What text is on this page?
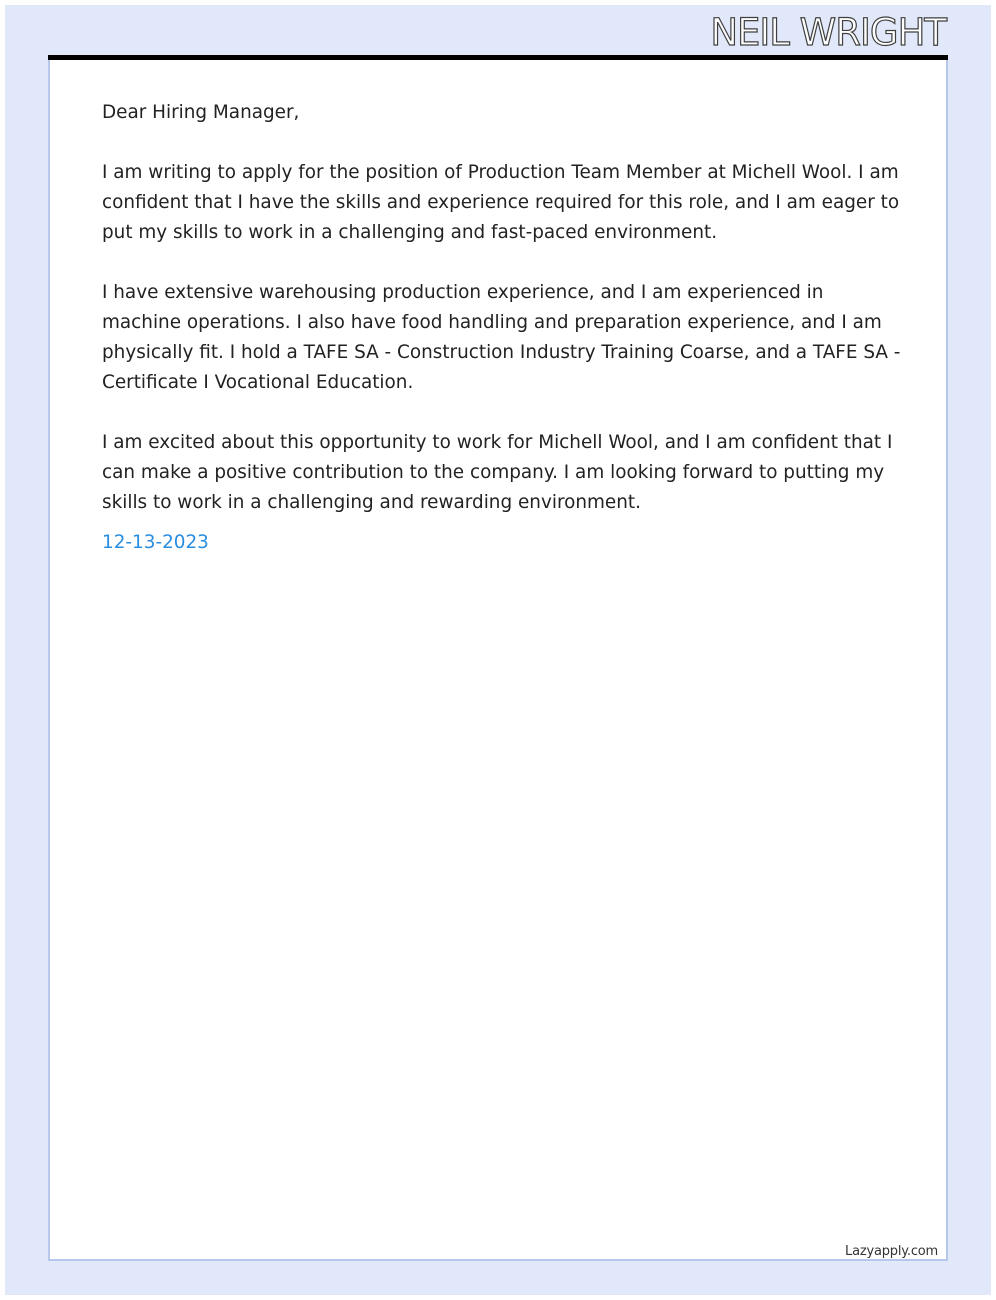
NEIL WRIGHT

Dear Hiring Manager,

I am writing to apply for the position of Production Team Member at Michell Wool. I am confident that I have the skills and experience required for this role, and I am eager to put my skills to work in a challenging and fast-paced environment.

I have extensive warehousing production experience, and I am experienced in machine operations. I also have food handling and preparation experience, and I am physically fit. I hold a TAFE SA - Construction Industry Training Coarse, and a TAFE SA - Certificate I Vocational Education.

I am excited about this opportunity to work for Michell Wool, and I am confident that I can make a positive contribution to the company. I am looking forward to putting my skills to work in a challenging and rewarding environment.

12-13-2023

Lazyapply.com
